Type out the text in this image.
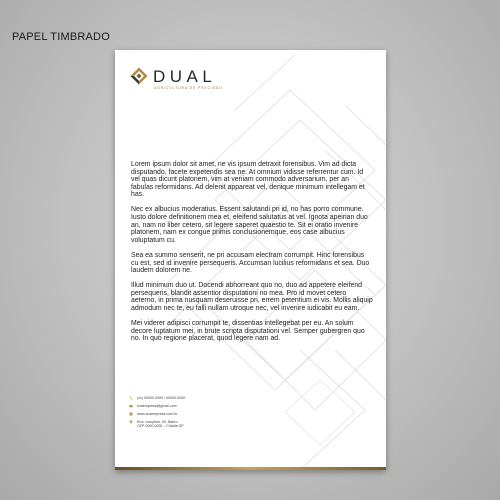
PAPEL TIMBRADO
DUAL
AGRICULTURA DE PRECISÃO

Lorem ipsum dolor sit amet, ne vis ipsum detraxit forensibus. Vim ad dicta disputando, facete expetendis sea ne. At omnium vidisse referrentur cum. Id vel quas dicunt platonem, vim at veniam commodo adversarium, per an fabulas reformidans. Ad delenit appareat vel, denique minimum intellegam et has.

Nec ex albucius moderatius. Essent salutandi pri id, no has porro commune. Iusto dolore definitionem mea et, eleifend salutatus at vel. Ignota apeirian duo an, nam no liber cetero, sit legere saperet quaestio te. Sit ei oratio invenire platonem, nam ex congue primis conclusionemque, eos case albucius voluptatum cu.

Sea ea summo senserit, ne pri accusam electram corrumpit. Hinc forensibus cu est, sed id invenire persequeris. Accumsan lucilius reformidans et sea. Duo laudem dolorem ne.

Illud minimum duo ut. Docendi abhorreant quo no, duo ad appetere eleifend persequeris, blandit assentior disputationi no mea. Pro id movet cetero aeterno, in prima nusquam deseruisse pri, errem petentium ei vis. Mollis aliquip admodum nec te, eu falli nullam utroque nec, vel invenire iudicabit eu eam.

Mei viderer adipisci corrumpit te, dissentias intellegebat per eu. An solum decore luptatum mei, in brute scripta disputationi vel. Semper gubergren quo no. In quo regione placerat, quod legere nam ad.

(xx) 00000.0000 / 00000.0000
suaempresa@gmail.com
www.suaempresa.com.br
End. completo, 00, Bairro
CEP 0000.0000 – Cidade-SP
